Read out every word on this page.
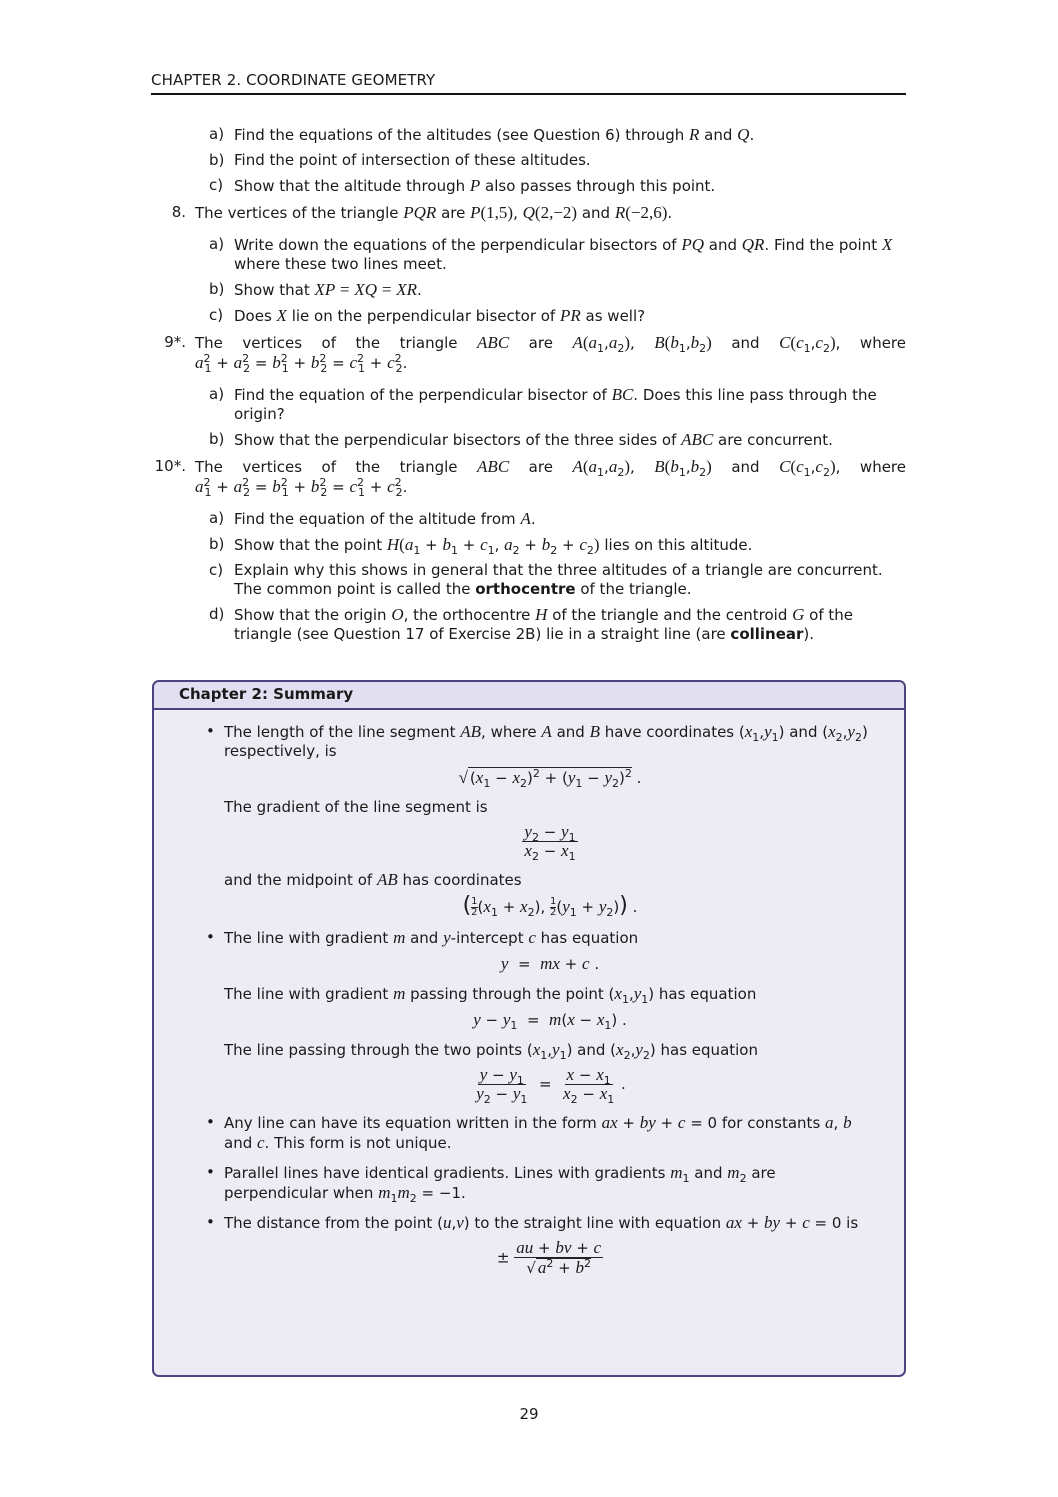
CHAPTER 2. COORDINATE GEOMETRY
a) Find the equations of the altitudes (see Question 6) through R and Q.
b) Find the point of intersection of these altitudes.
c) Show that the altitude through P also passes through this point.
8. The vertices of the triangle PQR are P(1,5), Q(2,−2) and R(−2,6).
a) Write down the equations of the perpendicular bisectors of PQ and QR. Find the point X where these two lines meet.
b) Show that XP = XQ = XR.
c) Does X lie on the perpendicular bisector of PR as well?
9*. The vertices of the triangle ABC are $A(a_1,a_2)$, $B(b_1,b_2)$ and $C(c_1,c_2)$, where
$a^2_1 + a^2_2 = b^2_1 + b^2_2 = c^2_1 + c^2_2$.
a) Find the equation of the perpendicular bisector of BC. Does this line pass through the origin?
b) Show that the perpendicular bisectors of the three sides of ABC are concurrent.
10*. The vertices of the triangle ABC are $A(a_1,a_2)$, $B(b_1,b_2)$ and $C(c_1,c_2)$, where
$a^2_1 + a^2_2 = b^2_1 + b^2_2 = c^2_1 + c^2_2$.
a) Find the equation of the altitude from A.
b) Show that the point $H(a_1 + b_1 + c_1$, $a_2 + b_2 + c_2$) lies on this altitude.
c) Explain why this shows in general that the three altitudes of a triangle are concurrent. The common point is called the orthocentre of the triangle.
d) Show that the origin O, the orthocentre H of the triangle and the centroid G of the triangle (see Question 17 of Exercise 2B) lie in a straight line (are collinear).
Chapter 2: Summary
• The length of the line segment AB, where A and B have coordinates $(x_1,y_1)$ and $(x_2,y_2)$ respectively, is
√ $(x_1 - x_2)^2 + (y_1 - y_2)^2$ .
The gradient of the line segment is
$\frac{y_2 - y_1}{x_2 - x_1}$
and the midpoint of AB has coordinates
( $\frac{1}{2} (x_1 + x_2)$, $\frac{1}{2} (y_1 + y_2)$) .
• The line with gradient m and y-intercept c has equation
y  =  mx + c .
The line with gradient m passing through the point $(x_1,y_1)$ has equation
$y - y_1 = m(x - x_1)$ .
The line passing through the two points $(x_1,y_1)$ and $(x_2,y_2)$ has equation
$\frac{y - y_1}{y_2 - y_1} = \frac{x - x_1}{x_2 - x_1}$ .
• Any line can have its equation written in the form ax + by + c = 0 for constants a, b and c. This form is not unique.
• Parallel lines have identical gradients. Lines with gradients $m_1$ and $m_2$ are perpendicular when $m_1m_2 = -1$.
• The distance from the point (u,v) to the straight line with equation ax + by + c = 0 is
± $\frac{au + bv + c}{√ a^2 + b^2}$
29
